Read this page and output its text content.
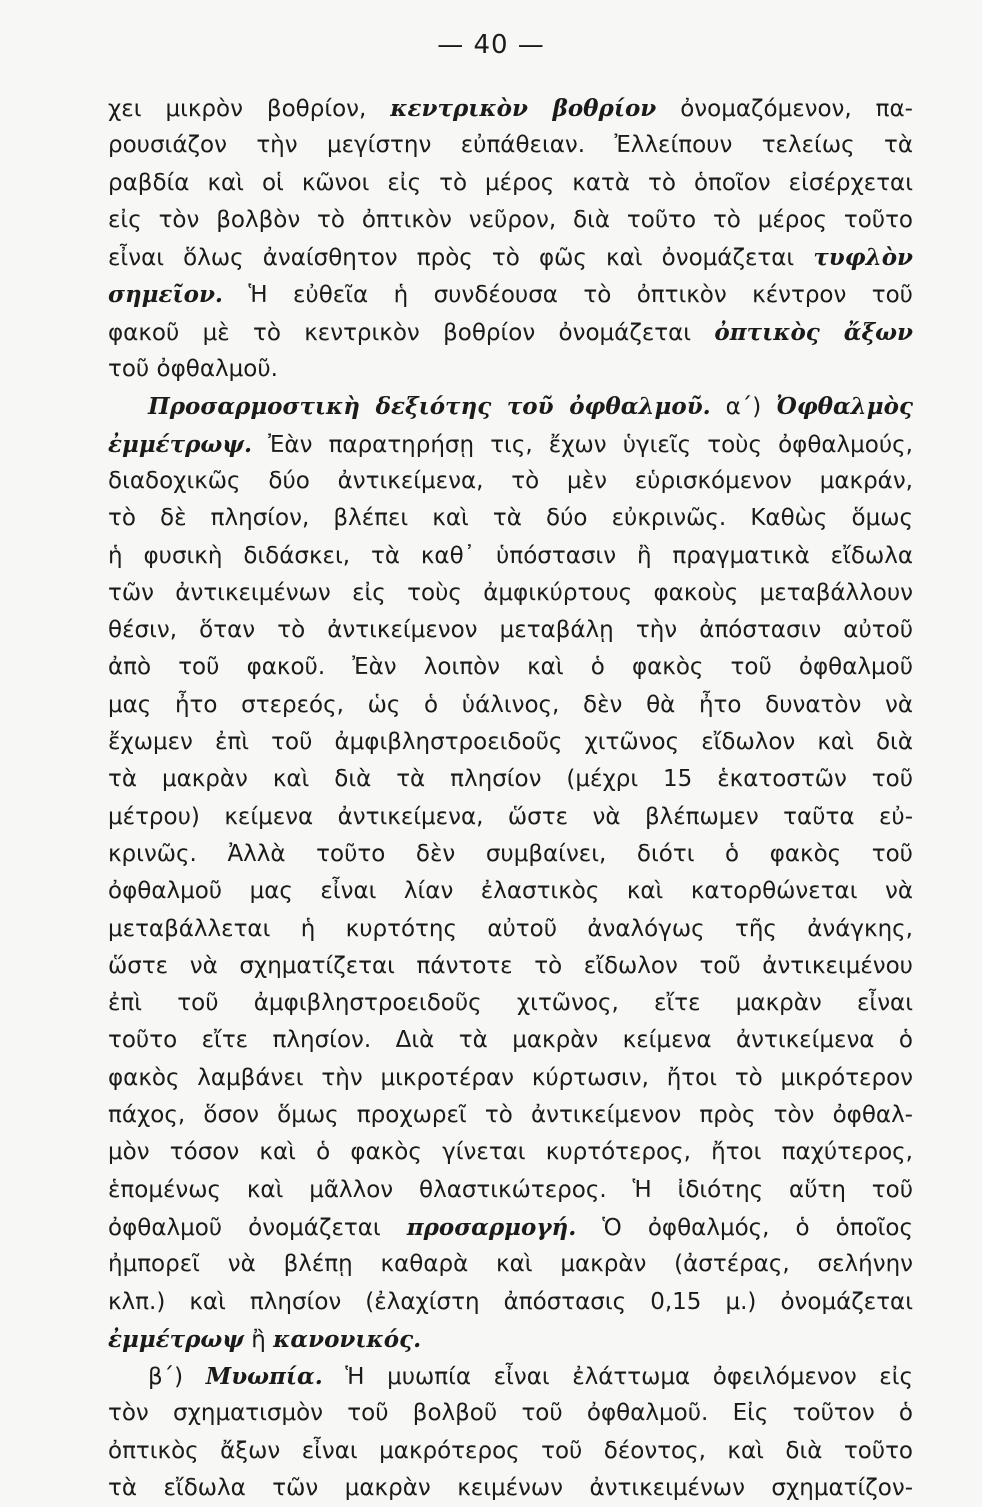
— 40 —
χει μικρὸν βοθρίον, κεντρικὸν βοθρίον ὀνομαζόμενον, πα-
ρουσιάζον τὴν μεγίστην εὐπάθειαν. Ἐλλείπουν τελείως τὰ
ραβδία καὶ οἱ κῶνοι εἰς τὸ μέρος κατὰ τὸ ὁποῖον εἰσέρχεται
εἰς τὸν βολβὸν τὸ ὀπτικὸν νεῦρον, διὰ τοῦτο τὸ μέρος τοῦτο
εἶναι ὅλως ἀναίσθητον πρὸς τὸ φῶς καὶ ὀνομάζεται τυφλὸν
σημεῖον. Ἡ εὐθεῖα ἡ συνδέουσα τὸ ὀπτικὸν κέντρον τοῦ
φακοῦ μὲ τὸ κεντρικὸν βοθρίον ὀνομάζεται ὀπτικὸς ἄξων
τοῦ ὀφθαλμοῦ.
Προσαρμοστικὴ δεξιότης τοῦ ὀφθαλμοῦ. α΄) Ὀφθαλμὸς
ἐμμέτρωψ. Ἐὰν παρατηρήσῃ τις, ἔχων ὑγιεῖς τοὺς ὀφθαλμούς,
διαδοχικῶς δύο ἀντικείμενα, τὸ μὲν εὑρισκόμενον μακράν,
τὸ δὲ πλησίον, βλέπει καὶ τὰ δύο εὐκρινῶς. Καθὼς ὅμως
ἡ φυσικὴ διδάσκει, τὰ καθ᾽ ὑπόστασιν ἢ πραγματικὰ εἴδωλα
τῶν ἀντικειμένων εἰς τοὺς ἀμφικύρτους φακοὺς μεταβάλλουν
θέσιν, ὅταν τὸ ἀντικείμενον μεταβάλῃ τὴν ἀπόστασιν αὐτοῦ
ἀπὸ τοῦ φακοῦ. Ἐὰν λοιπὸν καὶ ὁ φακὸς τοῦ ὀφθαλμοῦ
μας ἦτο στερεός, ὡς ὁ ὑάλινος, δὲν θὰ ἦτο δυνατὸν νὰ
ἔχωμεν ἐπὶ τοῦ ἀμφιβληστροειδοῦς χιτῶνος εἴδωλον καὶ διὰ
τὰ μακρὰν καὶ διὰ τὰ πλησίον (μέχρι 15 ἑκατοστῶν τοῦ
μέτρου) κείμενα ἀντικείμενα, ὥστε νὰ βλέπωμεν ταῦτα εὐ-
κρινῶς. Ἀλλὰ τοῦτο δὲν συμβαίνει, διότι ὁ φακὸς τοῦ
ὀφθαλμοῦ μας εἶναι λίαν ἐλαστικὸς καὶ κατορθώνεται νὰ
μεταβάλλεται ἡ κυρτότης αὐτοῦ ἀναλόγως τῆς ἀνάγκης,
ὥστε νὰ σχηματίζεται πάντοτε τὸ εἴδωλον τοῦ ἀντικειμένου
ἐπὶ τοῦ ἀμφιβληστροειδοῦς χιτῶνος, εἴτε μακρὰν εἶναι
τοῦτο εἴτε πλησίον. Διὰ τὰ μακρὰν κείμενα ἀντικείμενα ὁ
φακὸς λαμβάνει τὴν μικροτέραν κύρτωσιν, ἤτοι τὸ μικρότερον
πάχος, ὅσον ὅμως προχωρεῖ τὸ ἀντικείμενον πρὸς τὸν ὀφθαλ-
μὸν τόσον καὶ ὁ φακὸς γίνεται κυρτότερος, ἤτοι παχύτερος,
ἑπομένως καὶ μᾶλλον θλαστικώτερος. Ἡ ἰδιότης αὕτη τοῦ
ὀφθαλμοῦ ὀνομάζεται προσαρμογή. Ὁ ὀφθαλμός, ὁ ὁποῖος
ἠμπορεῖ νὰ βλέπῃ καθαρὰ καὶ μακρὰν (ἀστέρας, σελήνην
κλπ.) καὶ πλησίον (ἐλαχίστη ἀπόστασις 0,15 μ.) ὀνομάζεται
ἐμμέτρωψ ἢ κανονικός.
β΄) Μυωπία. Ἡ μυωπία εἶναι ἐλάττωμα ὀφειλόμενον εἰς
τὸν σχηματισμὸν τοῦ βολβοῦ τοῦ ὀφθαλμοῦ. Εἰς τοῦτον ὁ
ὀπτικὸς ἄξων εἶναι μακρότερος τοῦ δέοντος, καὶ διὰ τοῦτο
τὰ εἴδωλα τῶν μακρὰν κειμένων ἀντικειμένων σχηματίζον-
